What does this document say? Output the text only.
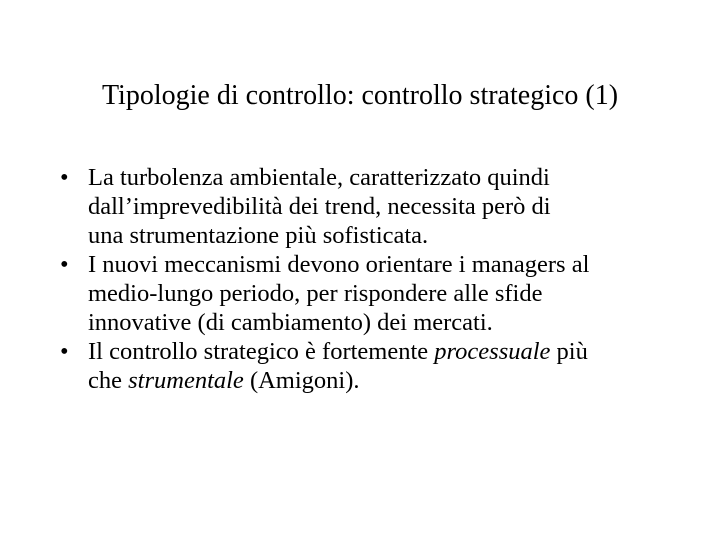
Tipologie di controllo: controllo strategico (1)
• La turbolenza ambientale, caratterizzato quindi
dall’imprevedibilità dei trend, necessita però di
una strumentazione più sofisticata.
• I nuovi meccanismi devono orientare i managers al
medio-lungo periodo, per rispondere alle sfide
innovative (di cambiamento) dei mercati.
• Il controllo strategico è fortemente processuale più
che strumentale (Amigoni).
